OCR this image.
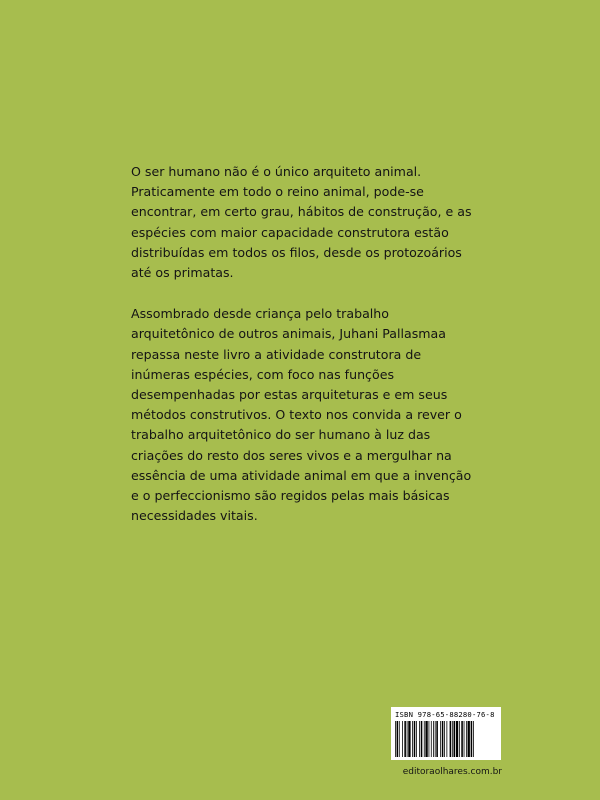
O ser humano não é o único arquiteto animal. Praticamente em todo o reino animal, pode-se encontrar, em certo grau, hábitos de construção, e as espécies com maior capacidade construtora estão distribuídas em todos os filos, desde os protozoários até os primatas.

Assombrado desde criança pelo trabalho arquitetônico de outros animais, Juhani Pallasmaa repassa neste livro a atividade construtora de inúmeras espécies, com foco nas funções desempenhadas por estas arquiteturas e em seus métodos construtivos. O texto nos convida a rever o trabalho arquitetônico do ser humano à luz das criações do resto dos seres vivos e a mergulhar na essência de uma atividade animal em que a invenção e o perfeccionismo são regidos pelas mais básicas necessidades vitais.

ISBN 978-65-88280-76-8
editoraolhares.com.br
